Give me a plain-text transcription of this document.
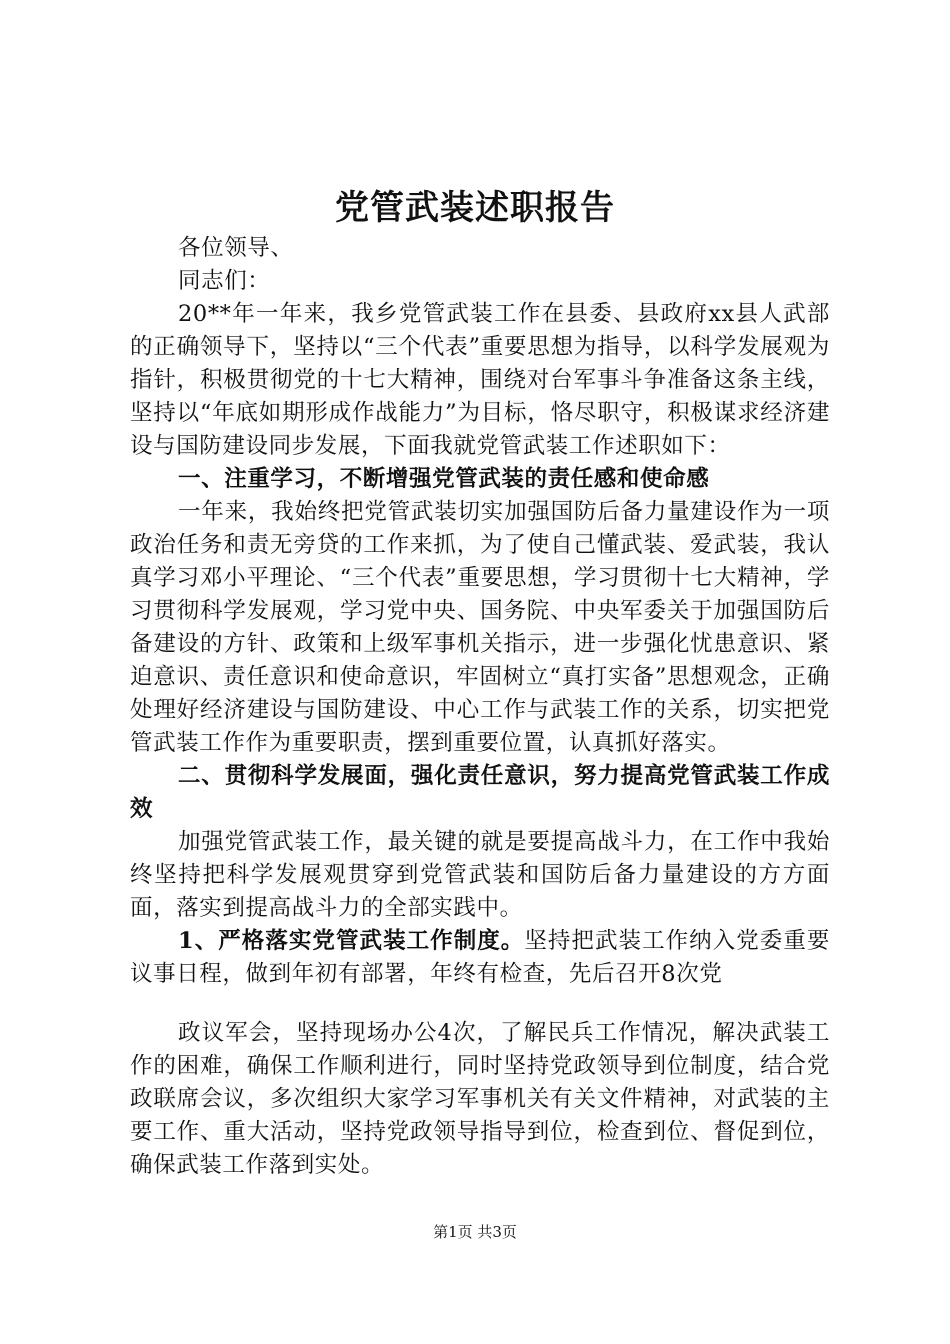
党管武装述职报告

各位领导、

同志们：

20**年一年来，我乡党管武装工作在县委、县政府xx县人武部的正确领导下，坚持以“三个代表”重要思想为指导，以科学发展观为指针，积极贯彻党的十七大精神，围绕对台军事斗争准备这条主线，坚持以“年底如期形成作战能力”为目标，恪尽职守，积极谋求经济建设与国防建设同步发展，下面我就党管武装工作述职如下：

一、注重学习，不断增强党管武装的责任感和使命感

一年来，我始终把党管武装切实加强国防后备力量建设作为一项政治任务和责无旁贷的工作来抓，为了使自己懂武装、爱武装，我认真学习邓小平理论、“三个代表”重要思想，学习贯彻十七大精神，学习贯彻科学发展观，学习党中央、国务院、中央军委关于加强国防后备建设的方针、政策和上级军事机关指示，进一步强化忧患意识、紧迫意识、责任意识和使命意识，牢固树立“真打实备”思想观念，正确处理好经济建设与国防建设、中心工作与武装工作的关系，切实把党管武装工作作为重要职责，摆到重要位置，认真抓好落实。

二、贯彻科学发展面，强化责任意识，努力提高党管武装工作成效

加强党管武装工作，最关键的就是要提高战斗力，在工作中我始终坚持把科学发展观贯穿到党管武装和国防后备力量建设的方方面面，落实到提高战斗力的全部实践中。

1、严格落实党管武装工作制度。坚持把武装工作纳入党委重要议事日程，做到年初有部署，年终有检查，先后召开8次党

政议军会，坚持现场办公4次，了解民兵工作情况，解决武装工作的困难，确保工作顺利进行，同时坚持党政领导到位制度，结合党政联席会议，多次组织大家学习军事机关有关文件精神，对武装的主要工作、重大活动，坚持党政领导指导到位，检查到位、督促到位，确保武装工作落到实处。

第1页 共3页
